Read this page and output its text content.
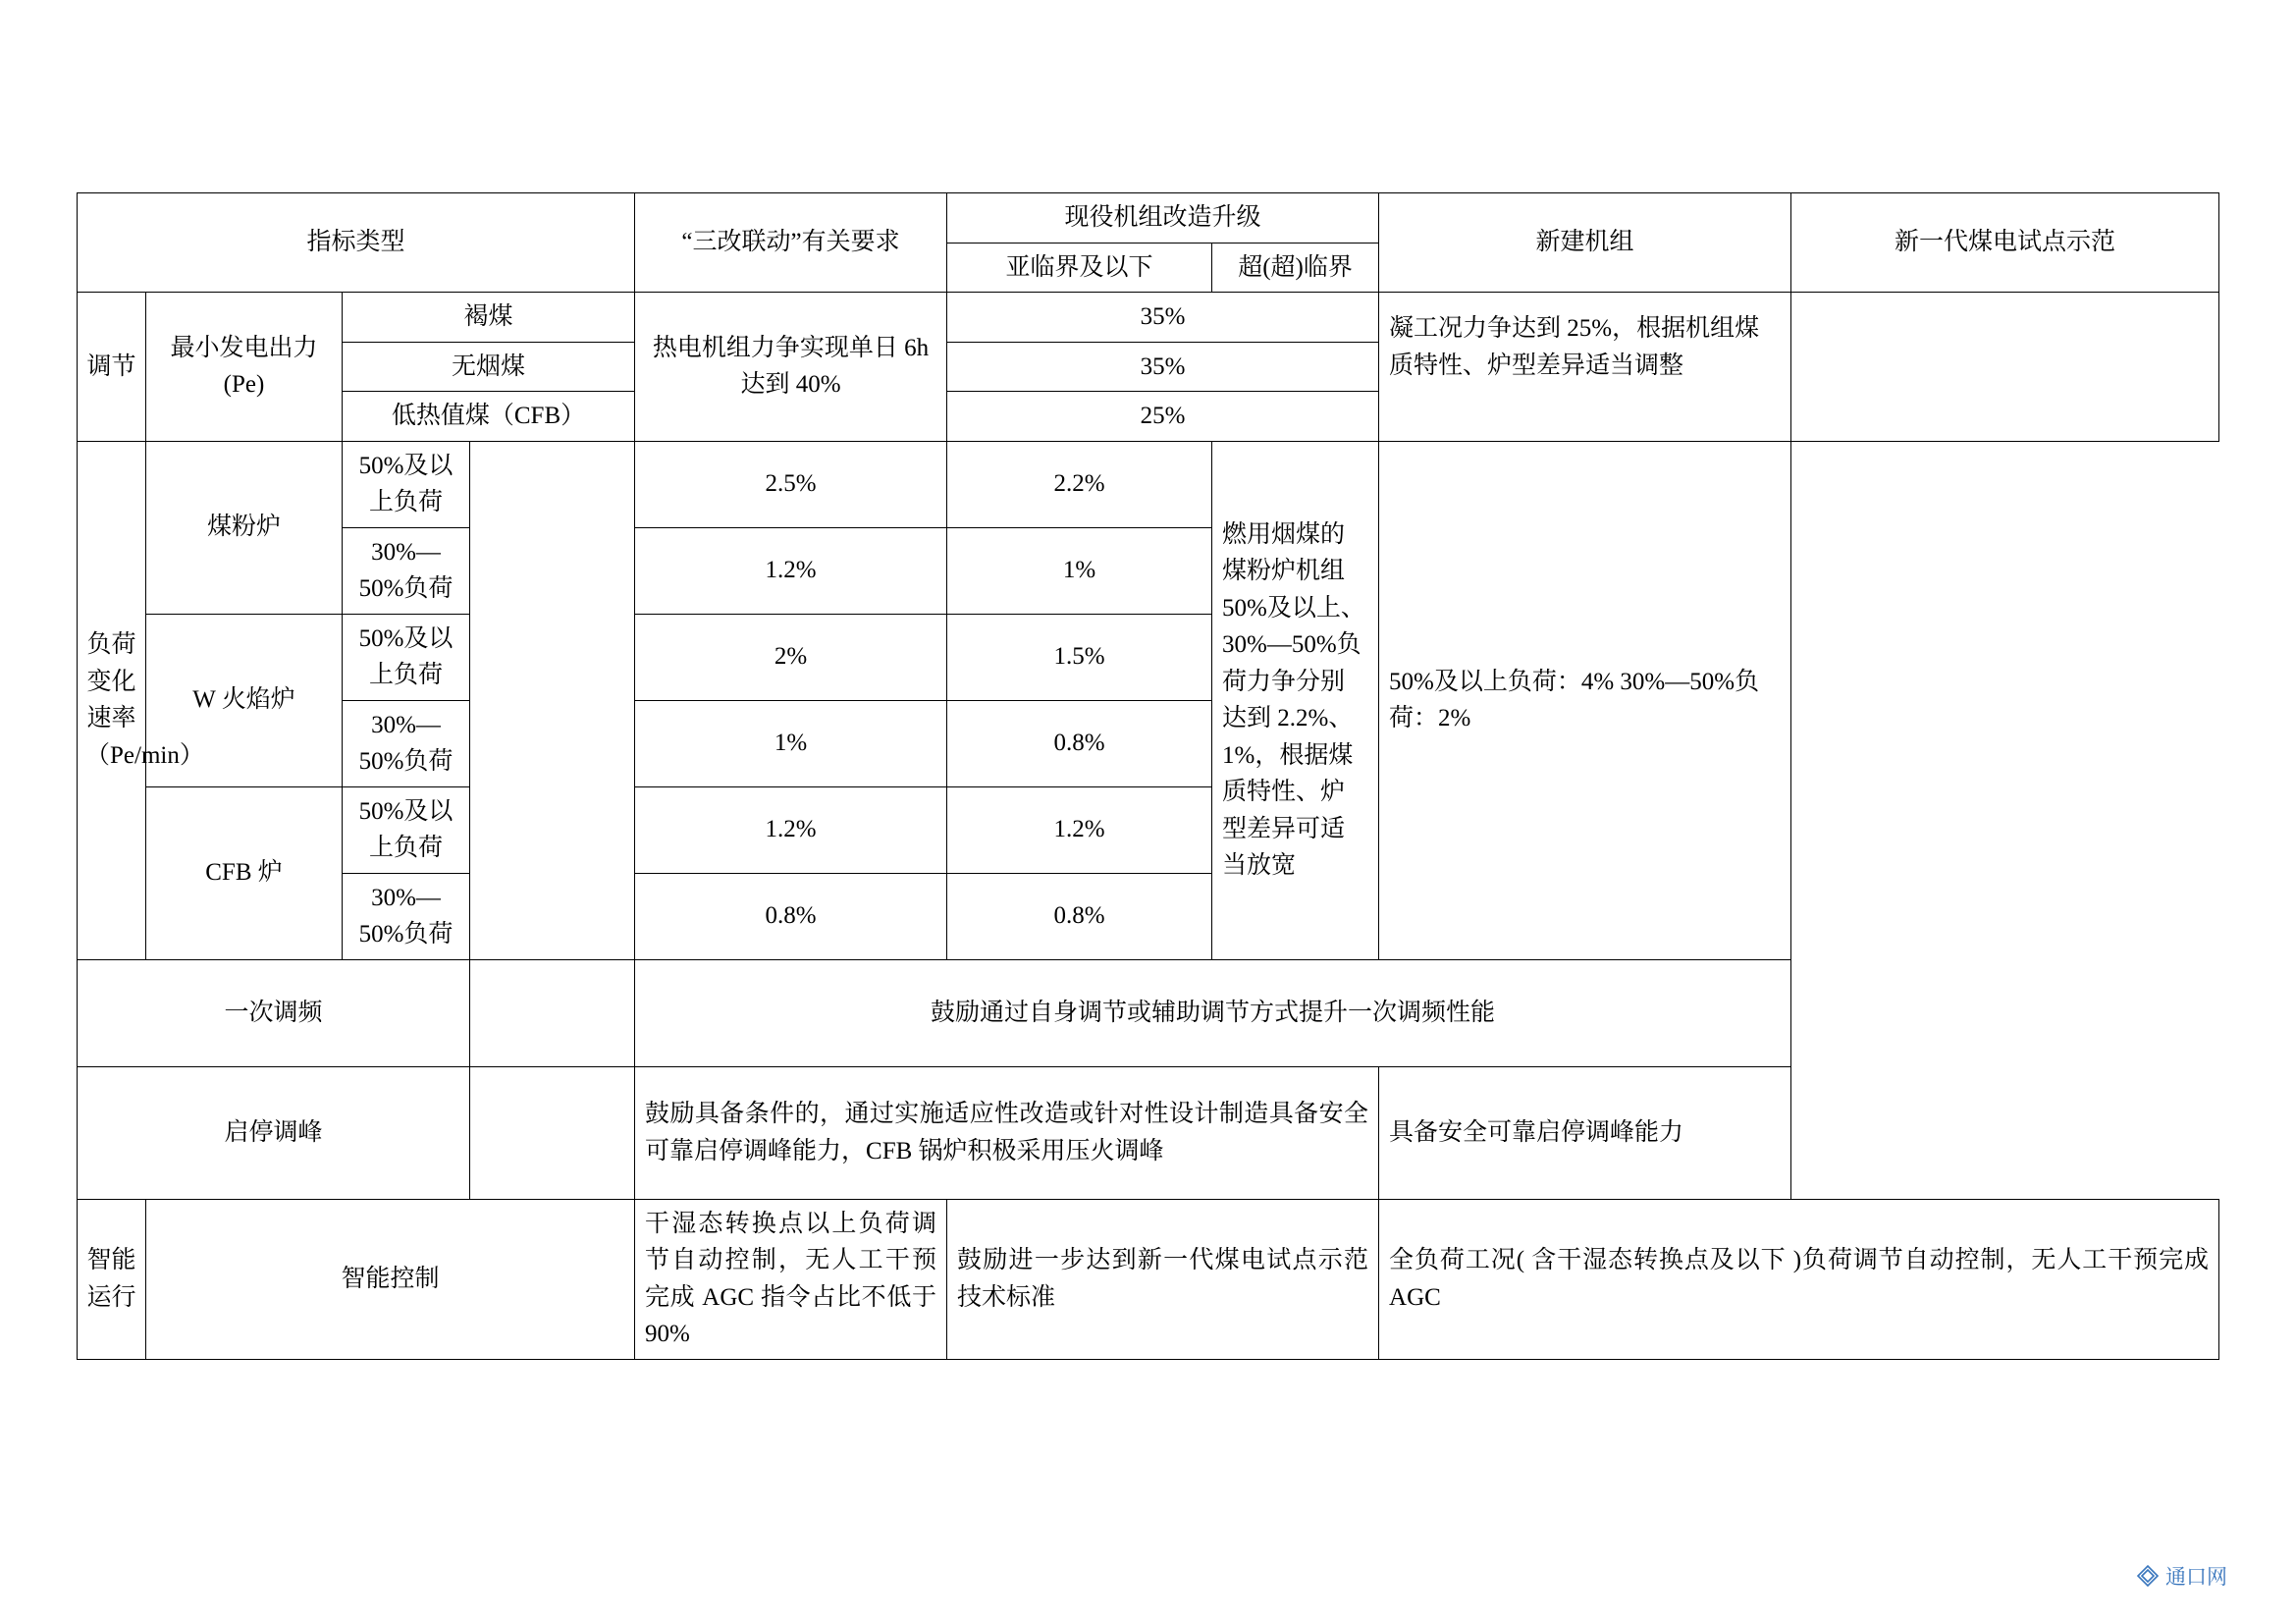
指标类型				“三改联动”有关要求	现役机组改造升级		新建机组	新一代煤电试点示范
					亚临界及以下	超(超)临界		
调节	最小发电出力(Pe)	褐煤		热电机组力争实现单日 6h 达到 40%	35%		凝工况力争达到 25%，根据机组煤质特性、炉型差异适当调整	
		无烟煤			35%			
		低热值煤（CFB）			25%			
负荷变化速率（Pe/min）	煤粉炉	50%及以上负荷		2.5%	2.2%	燃用烟煤的煤粉炉机组 50%及以上、30%—50%负荷力争分别达到 2.2%、1%，根据煤质特性、炉型差异可适当放宽	50%及以上负荷：4% 30%—50%负荷：2%	
		30%—50%负荷		1.2%	1%			
	W 火焰炉	50%及以上负荷		2%	1.5%			
		30%—50%负荷		1%	0.8%			
	CFB 炉	50%及以上负荷		1.2%	1.2%			
		30%—50%负荷		0.8%	0.8%			
一次调频				鼓励通过自身调节或辅助调节方式提升一次调频性能				
启停调峰				鼓励具备条件的，通过实施适应性改造或针对性设计制造具备安全可靠启停调峰能力，CFB 锅炉积极采用压火调峰			具备安全可靠启停调峰能力	
智能运行	智能控制			干湿态转换点以上负荷调节自动控制，无人工干预完成 AGC 指令占比不低于 90%	鼓励进一步达到新一代煤电试点示范技术标准		全负荷工况( 含干湿态转换点及以下 )负荷调节自动控制，无人工干预完成 AGC	
通口网
